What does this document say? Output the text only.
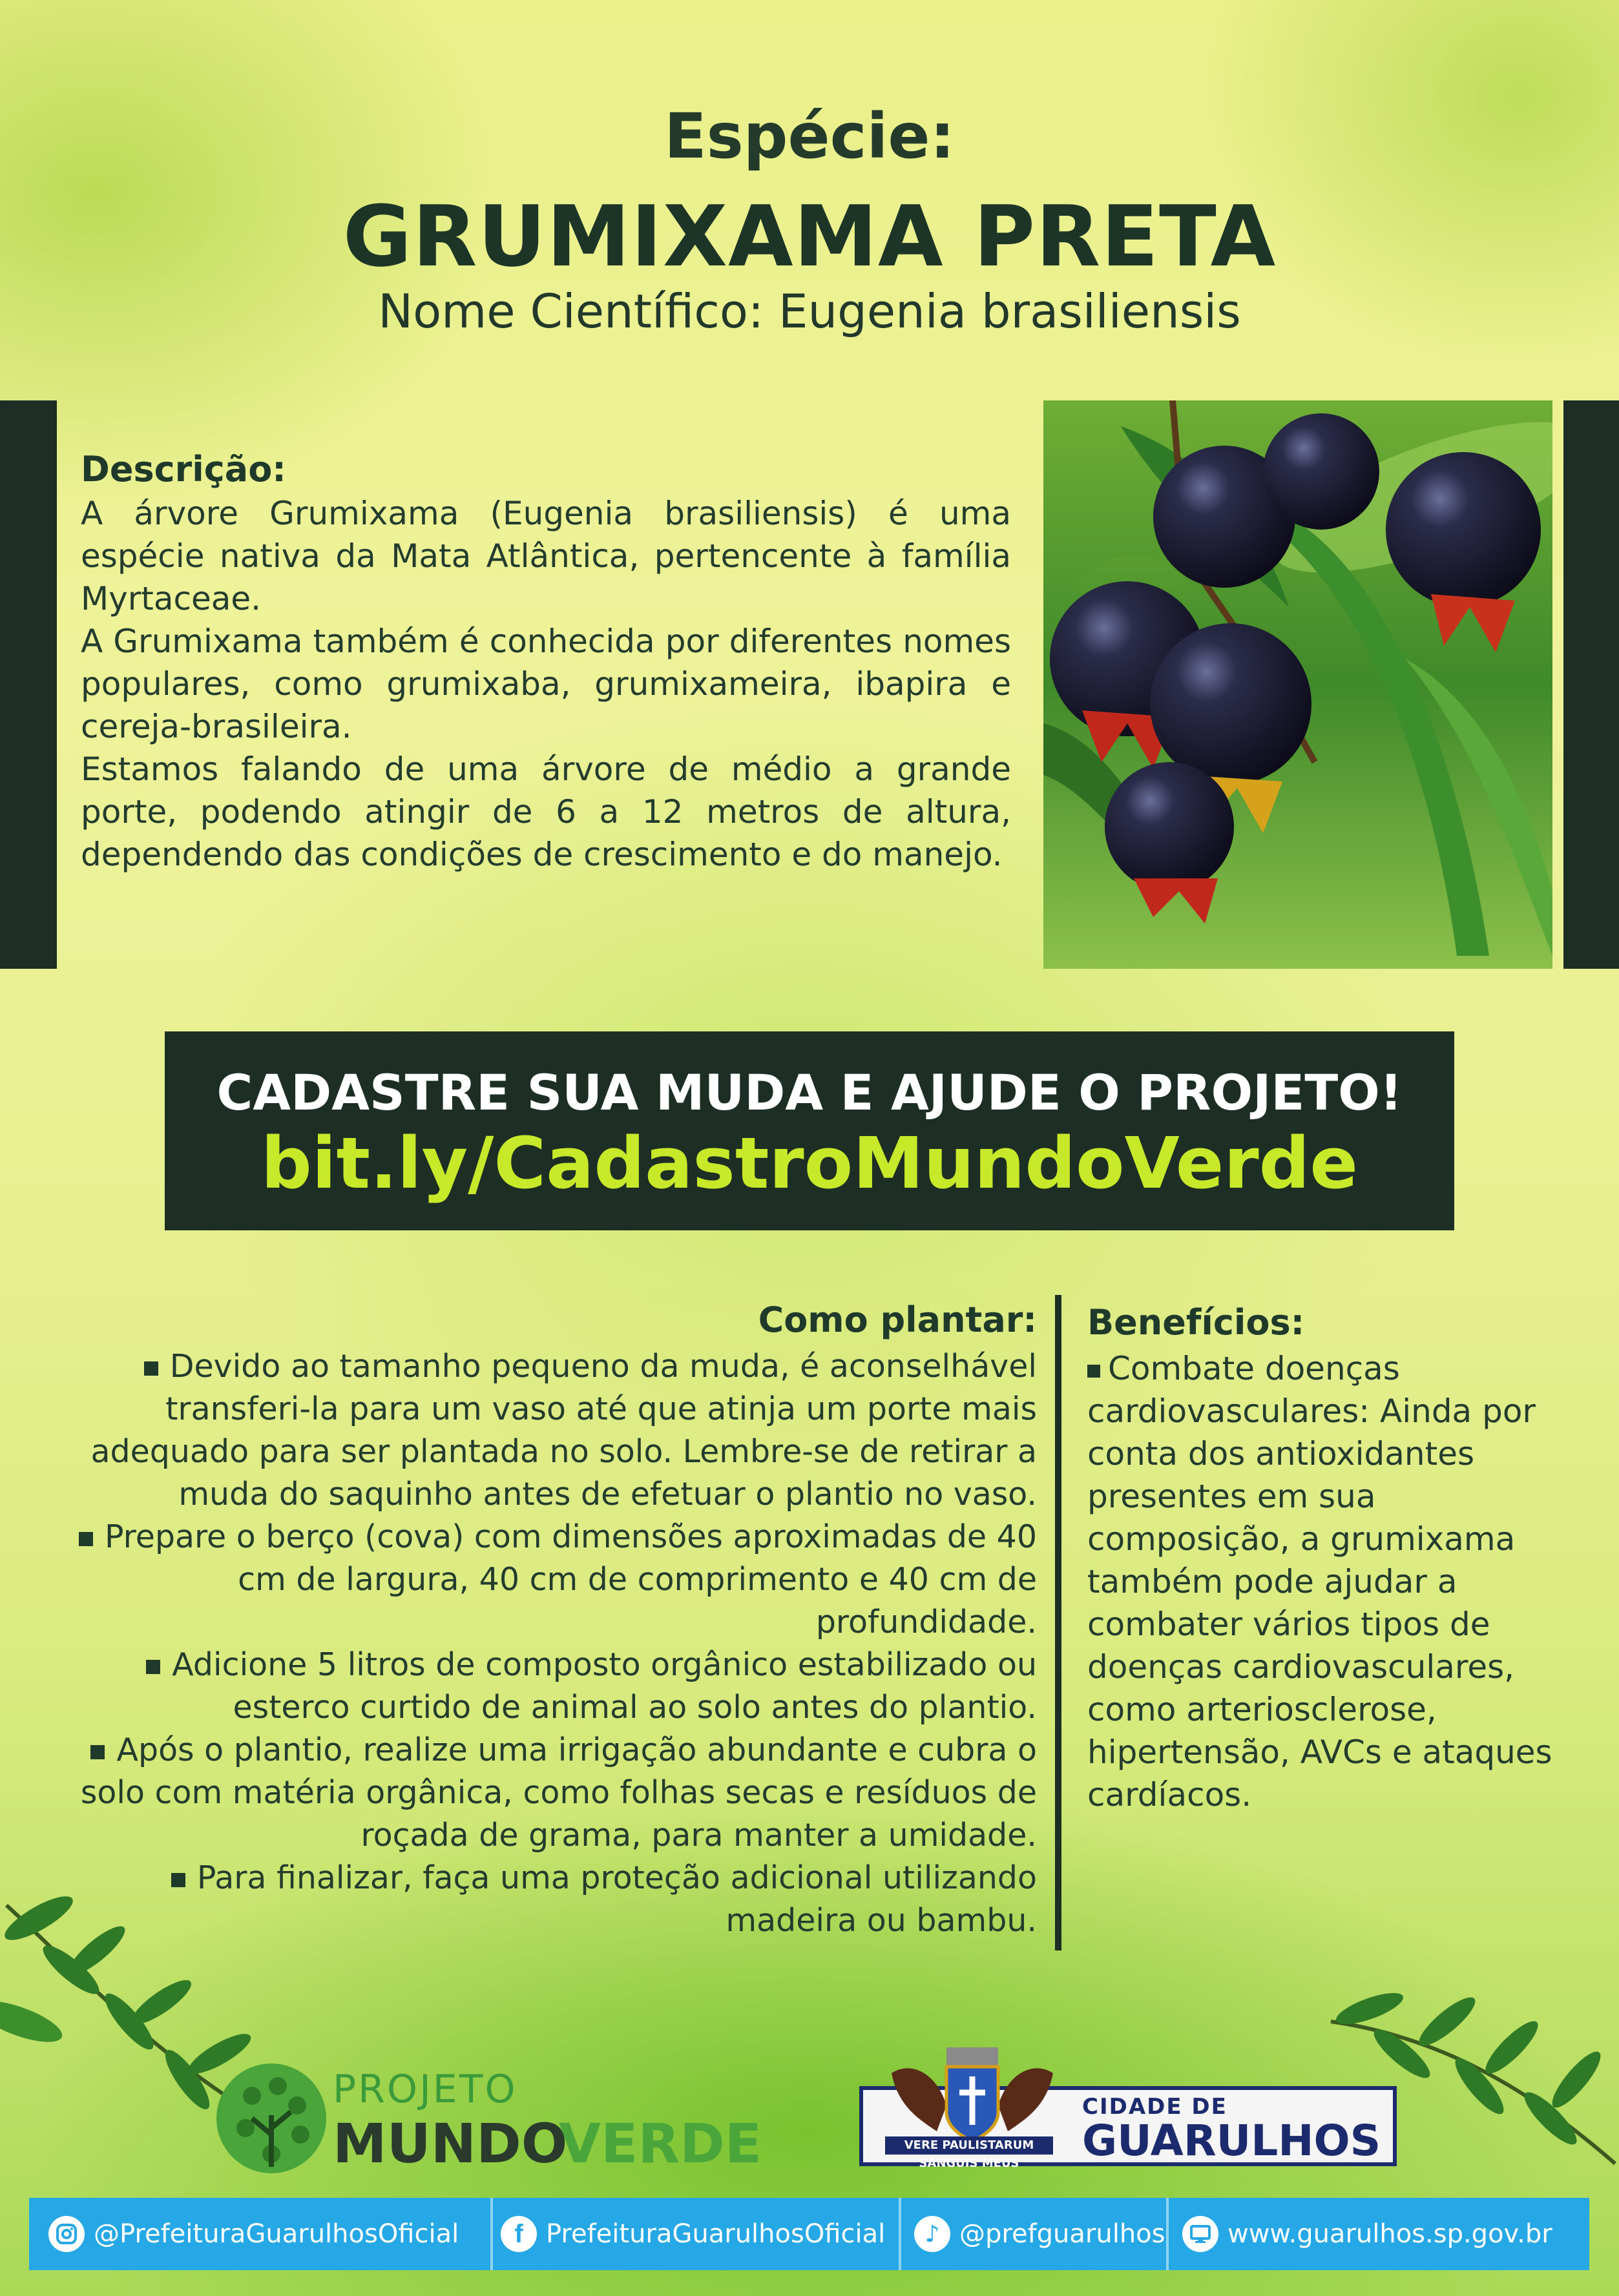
Espécie:
GRUMIXAMA PRETA
Nome Científico: Eugenia brasiliensis
Descrição:

A árvore Grumixama (Eugenia brasiliensis) é uma espécie nativa da Mata Atlântica, pertencente à família Myrtaceae.

A Grumixama também é conhecida por diferentes nomes populares, como grumixaba, grumixameira, ibapira e cereja-brasileira.

Estamos falando de uma árvore de médio a grande porte, podendo atingir de 6 a 12 metros de altura, dependendo das condições de crescimento e do manejo.

CADASTRE SUA MUDA E AJUDE O PROJETO!
bit.ly/CadastroMundoVerde
Como plantar:

Devido ao tamanho pequeno da muda, é aconselhável transferi-la para um vaso até que atinja um porte mais adequado para ser plantada no solo. Lembre-se de retirar a muda do saquinho antes de efetuar o plantio no vaso.

Prepare o berço (cova) com dimensões aproximadas de 40 cm de largura, 40 cm de comprimento e 40 cm de profundidade.

Adicione 5 litros de composto orgânico estabilizado ou esterco curtido de animal ao solo antes do plantio.

Após o plantio, realize uma irrigação abundante e cubra o solo com matéria orgânica, como folhas secas e resíduos de roçada de grama, para manter a umidade.

Para finalizar, faça uma proteção adicional utilizando madeira ou bambu.

Benefícios:

Combate doenças cardiovasculares: Ainda por conta dos antioxidantes presentes em sua composição, a grumixama também pode ajudar a combater vários tipos de doenças cardiovasculares, como arteriosclerose, hipertensão, AVCs e ataques cardíacos.

PROJETO
MUNDO
VERDE	VERE PAULISTARUM SANGUIS MEUS
CIDADE DE
GUARULHOS
@PrefeituraGuarulhosOficial f PrefeituraGuarulhosOficial ♪ @prefguarulhos www.guarulhos.sp.gov.br
